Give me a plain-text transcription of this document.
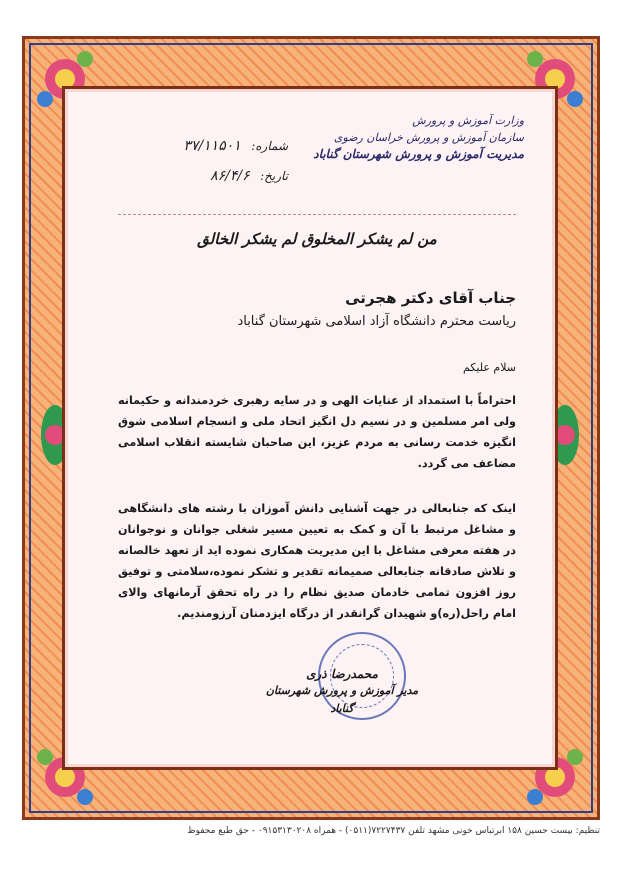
وزارت آموزش و پرورش
سازمان آموزش و پرورش خراسان رضوی
مدیریت آموزش و پرورش شهرستان گناباد
شماره: ۳۷/۱۱۵۰۱
تاریخ: ۸۶/۴/۶
من لم یشکر المخلوق لم یشکر الخالق
جناب آقای دکتر هجرتی
ریاست محترم دانشگاه آزاد اسلامی شهرستان گناباد
سلام علیکم
احتراماً با استمداد از عنایات الهی و در سایه رهبری خردمندانه و حکیمانه ولی امر مسلمین و در نسیم دل انگیز اتحاد ملی و انسجام اسلامی شوق انگیزه خدمت رسانی به مردم عزیز، این صاحبان شایسته انقلاب اسلامی مضاعف می گردد.
اینک که جنابعالی در جهت آشنایی دانش آموزان با رشته های دانشگاهی و مشاغل مرتبط با آن و کمک به تعیین مسیر شغلی جوانان و نوجوانان در هفته معرفی مشاغل با این مدیریت همکاری نموده اید از تعهد خالصانه و تلاش صادقانه جنابعالی صمیمانه تقدیر و تشکر نموده،سلامتی و توفیق روز افزون تمامی خادمان صدیق نظام را در راه تحقق آرمانهای والای امام راحل(ره)و شهیدان گرانقدر از درگاه ایزدمنان آرزومندیم.
محمدرضا ذری
مدیر آموزش و پرورش شهرستان گناباد
تنظیم: بیست حسین ۱۵۸ ابرتباس خونی مشهد تلفن ۷۲۲۷۴۳۷(۰۵۱۱) - همراه ۰۹۱۵۳۱۳۰۲۰۸ - حق طبع محفوظ
